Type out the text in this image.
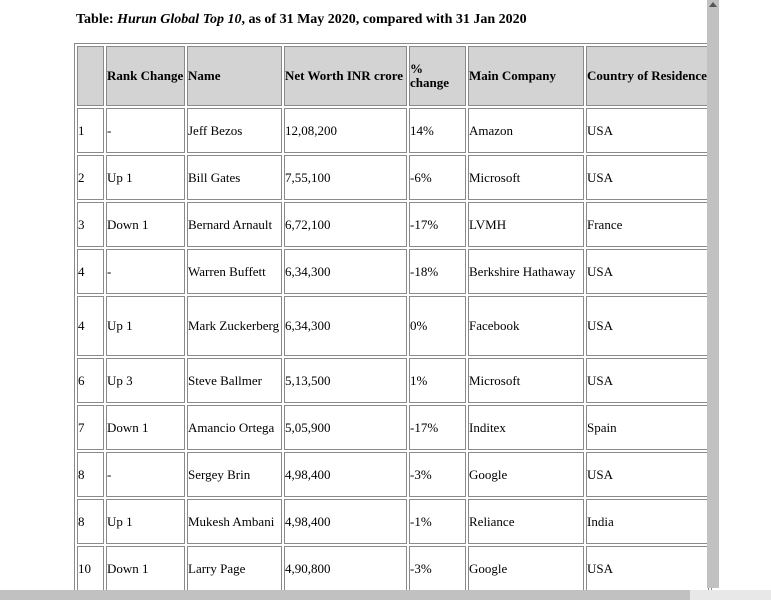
Table: Hurun Global Top 10, as of 31 May 2020, compared with 31 Jan 2020
	Rank Change	Name	Net Worth INR crore	% change	Main Company	Country of Residence
1	-	Jeff Bezos	12,08,200	14%	Amazon	USA
2	Up 1	Bill Gates	7,55,100	-6%	Microsoft	USA
3	Down 1	Bernard Arnault	6,72,100	-17%	LVMH	France
4	-	Warren Buffett	6,34,300	-18%	Berkshire Hathaway	USA
4	Up 1	Mark Zuckerberg	6,34,300	0%	Facebook	USA
6	Up 3	Steve Ballmer	5,13,500	1%	Microsoft	USA
7	Down 1	Amancio Ortega	5,05,900	-17%	Inditex	Spain
8	-	Sergey Brin	4,98,400	-3%	Google	USA
8	Up 1	Mukesh Ambani	4,98,400	-1%	Reliance	India
10	Down 1	Larry Page	4,90,800	-3%	Google	USA
